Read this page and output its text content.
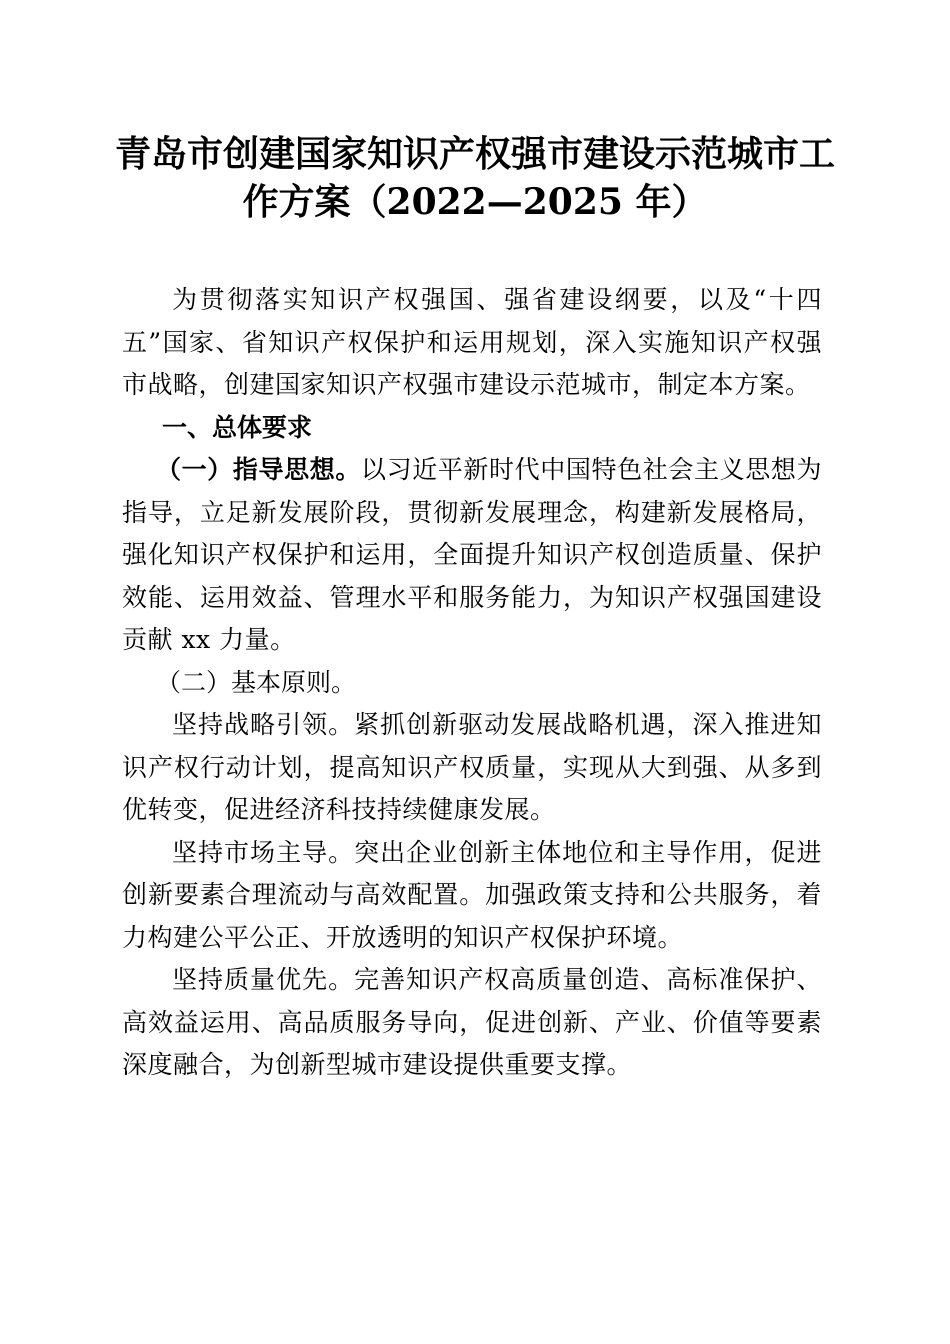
青岛市创建国家知识产权强市建设示范城市工
作方案（2022—2025 年）

为贯彻落实知识产权强国、强省建设纲要，以及“十四五”国家、省知识产权保护和运用规划，深入实施知识产权强市战略，创建国家知识产权强市建设示范城市，制定本方案。

一、总体要求

（一）指导思想。以习近平新时代中国特色社会主义思想为指导，立足新发展阶段，贯彻新发展理念，构建新发展格局，强化知识产权保护和运用，全面提升知识产权创造质量、保护效能、运用效益、管理水平和服务能力，为知识产权强国建设贡献 xx 力量。

（二）基本原则。

坚持战略引领。紧抓创新驱动发展战略机遇，深入推进知识产权行动计划，提高知识产权质量，实现从大到强、从多到优转变，促进经济科技持续健康发展。

坚持市场主导。突出企业创新主体地位和主导作用，促进创新要素合理流动与高效配置。加强政策支持和公共服务，着力构建公平公正、开放透明的知识产权保护环境。

坚持质量优先。完善知识产权高质量创造、高标准保护、高效益运用、高品质服务导向，促进创新、产业、价值等要素深度融合，为创新型城市建设提供重要支撑。
